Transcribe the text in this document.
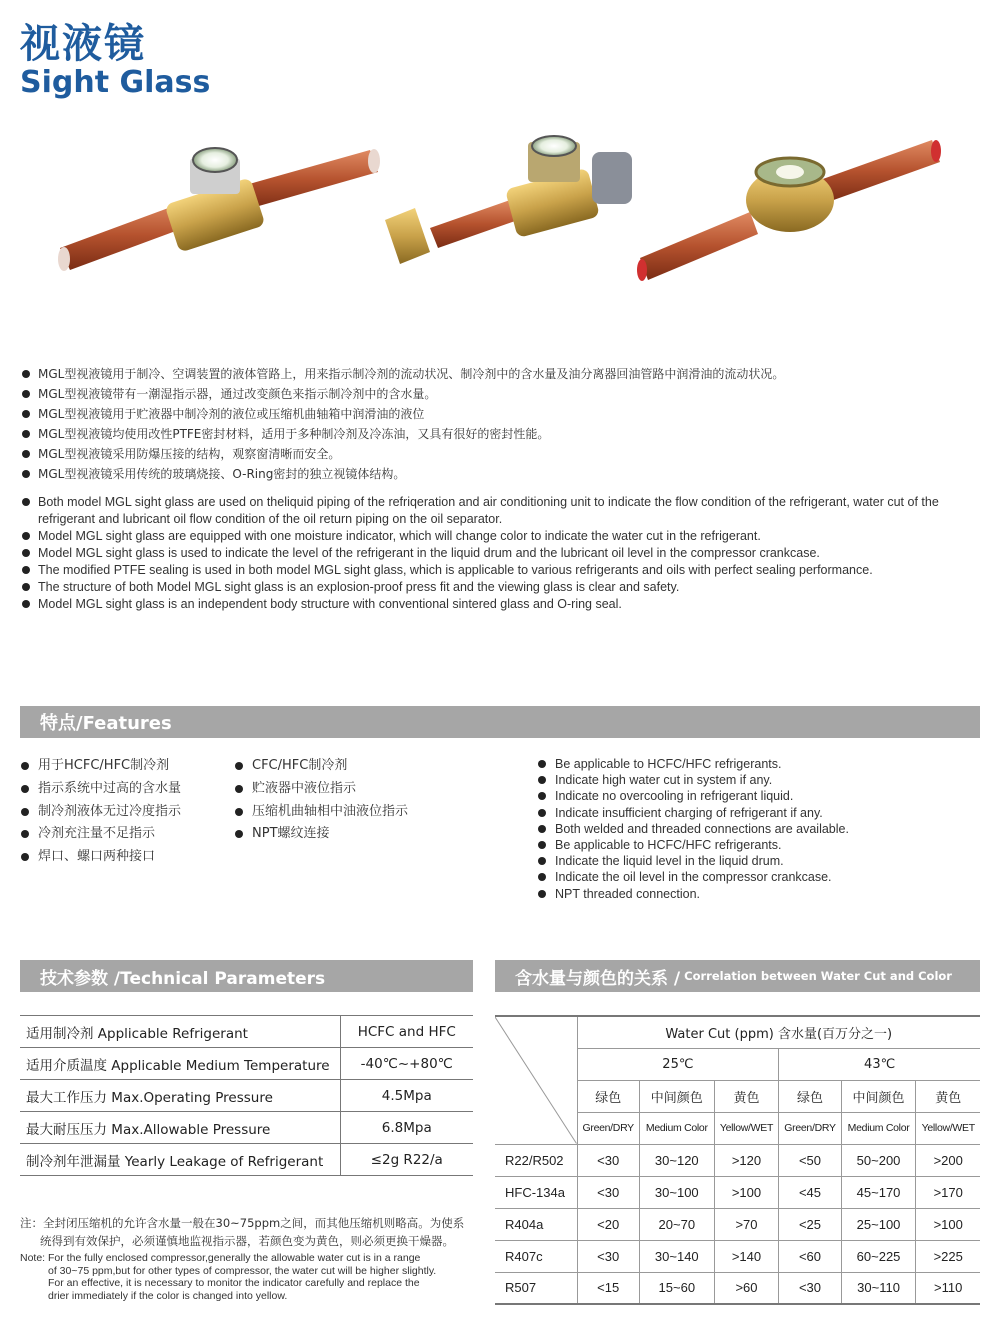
视液镜
Sight Glass
MGL型视液镜用于制冷、空调装置的液体管路上，用来指示制冷剂的流动状况、制冷剂中的含水量及油分离器回油管路中润滑油的流动状况。
MGL型视液镜带有一潮湿指示器，通过改变颜色来指示制冷剂中的含水量。
MGL型视液镜用于贮液器中制冷剂的液位或压缩机曲轴箱中润滑油的液位
MGL型视液镜均使用改性PTFE密封材料，适用于多种制冷剂及冷冻油，又具有很好的密封性能。
MGL型视液镜采用防爆压接的结构，观察窗清晰而安全。
MGL型视液镜采用传统的玻璃烧接、O-Ring密封的独立视镜体结构。
Both model MGL sight glass are used on theliquid piping of the refriqeration and air conditioning unit to indicate the flow condition of the refrigerant, water cut of the refrigerant and lubricant oil flow condition of the oil return piping on the oil separator.
Model MGL sight glass are equipped with one moisture indicator, which will change color to indicate the water cut in the refrigerant.
Model MGL sight glass is used to indicate the level of the refrigerant in the liquid drum and the lubricant oil level in the compressor crankcase.
The modified PTFE sealing is used in both model MGL sight glass, which is applicable to various refrigerants and oils with perfect sealing performance.
The structure of both Model MGL sight glass is an explosion-proof press fit and the viewing glass is clear and safety.
Model MGL sight glass is an independent body structure with conventional sintered glass and O-ring seal.
特点/Features
用于HCFC/HFC制冷剂
指示系统中过高的含水量
制冷剂液体无过冷度指示
冷剂充注量不足指示
焊口、螺口两种接口
CFC/HFC制冷剂
贮液器中液位指示
压缩机曲轴相中油液位指示
NPT螺纹连接
Be applicable to HCFC/HFC refrigerants.
Indicate high water cut in system if any.
Indicate no overcooling in refrigerant liquid.
Indicate insufficient charging of refrigerant if any.
Both welded and threaded connections are available.
Be applicable to HCFC/HFC refrigerants.
Indicate the liquid level in the liquid drum.
Indicate the oil level in the compressor crankcase.
NPT threaded connection.
技术参数 /Technical Parameters	含水量与颜色的关系 / Correlation between Water Cut and Color
适用制冷剂 Applicable Refrigerant	HCFC and HFC
适用介质温度 Applicable Medium Temperature	-40℃~+80℃
最大工作压力 Max.Operating Pressure	4.5Mpa
最大耐压压力 Max.Allowable Pressure	6.8Mpa
制冷剂年泄漏量 Yearly Leakage of Refrigerant	≤2g R22/a
	Water Cut (ppm) 含水量(百万分之一)					
	25℃			43℃		
	绿色	中间颜色	黄色	绿色	中间颜色	黄色
	Green/DRY	Medium Color	Yellow/WET	Green/DRY	Medium Color	Yellow/WET
R22/R502	<30	30~120	>120	<50	50~200	>200
HFC-134a	<30	30~100	>100	<45	45~170	>170
R404a	<20	20~70	>70	<25	25~100	>100
R407c	<30	30~140	>140	<60	60~225	>225
R507	<15	15~60	>60	<30	30~110	>110
注：全封闭压缩机的允许含水量一般在30~75ppm之间，而其他压缩机则略高。为使系
统得到有效保护，必须谨慎地监视指示器，若颜色变为黄色，则必须更换干燥器。
Note: For the fully enclosed compressor,generally the allowable water cut is in a range
of 30~75 ppm,but for other types of compressor, the water cut will be higher slightly.
For an effective, it is necessary to monitor the indicator carefully and replace the
drier immediately if the color is changed into yellow.
